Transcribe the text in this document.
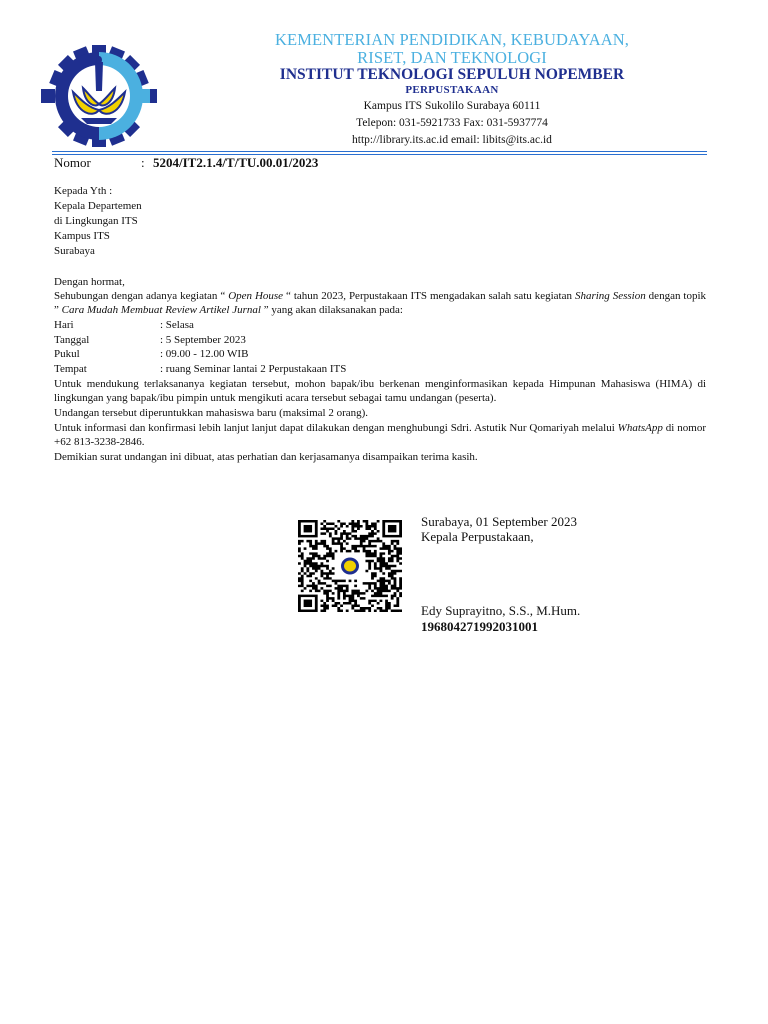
KEMENTERIAN PENDIDIKAN, KEBUDAYAAN,
RISET, DAN TEKNOLOGI
INSTITUT TEKNOLOGI SEPULUH NOPEMBER
PERPUSTAKAAN
Kampus ITS Sukolilo Surabaya 60111
Telepon: 031-5921733 Fax: 031-5937774
http://library.its.ac.id email: libits@its.ac.id
Nomor	: 5204/IT2.1.4/T/TU.00.01/2023
Kepada Yth :
Kepala Departemen
di Lingkungan ITS
Kampus ITS
Surabaya
Dengan hormat,
Sehubungan dengan adanya kegiatan “ Open House “ tahun 2023, Perpustakaan ITS mengadakan salah satu kegiatan Sharing Session dengan topik ” Cara Mudah Membuat Review Artikel Jurnal ” yang akan dilaksanakan pada:
Hari	: Selasa
Tanggal	: 5 September 2023
Pukul	: 09.00 - 12.00 WIB
Tempat	: ruang Seminar lantai 2 Perpustakaan ITS
Untuk mendukung terlaksananya kegiatan tersebut, mohon bapak/ibu berkenan menginformasikan kepada Himpunan Mahasiswa (HIMA) di lingkungan yang bapak/ibu pimpin untuk mengikuti acara tersebut sebagai tamu undangan (peserta).
Undangan tersebut diperuntukkan mahasiswa baru (maksimal 2 orang).
Untuk informasi dan konfirmasi lebih lanjut lanjut dapat dilakukan dengan menghubungi Sdri. Astutik Nur Qomariyah melalui WhatsApp di nomor +62 813-3238-2846.
Demikian surat undangan ini dibuat, atas perhatian dan kerjasamanya disampaikan terima kasih.
Surabaya, 01 September 2023
Kepala Perpustakaan,
Edy Suprayitno, S.S., M.Hum.
196804271992031001
